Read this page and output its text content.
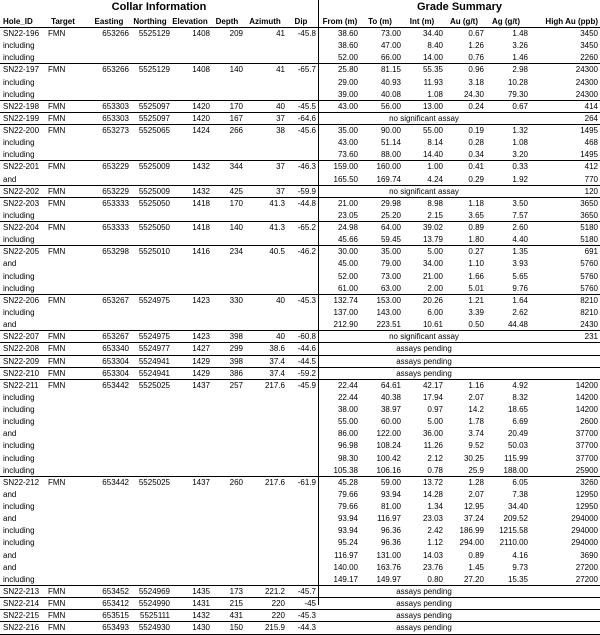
Collar Information	Grade Summary
Hole_ID	Target	Easting	Northing Elevation Depth	Azimuth	Dip	From (m)	To (m)	Int (m)	Au (g/t)	Ag (g/t)	High Au (ppb)
SN22-196	FMN	653266	5525129	1408	209	41	-45.8	38.60	73.00	34.40	0.67	1.48	3450
including	38.60	47.00	8.40	1.26	3.26	3450
including	52.00	66.00	14.00	0.76	1.46	2260
SN22-197	FMN	653266	5525129	1408	140	41	-65.7	25.80	81.15	55.35	0.96	2.98	24300
including	29.00	40.93	11.93	3.18	10.28	24300
including	39.00	40.08	1.08	24.30	79.30	24300
SN22-198	FMN	653303	5525097	1420	170	40	-45.5	43.00	56.00	13.00	0.24	0.67	414
SN22-199	FMN	653303	5525097	1420	167	37	-64.6	no significant assay	264
SN22-200	FMN	653273	5525065	1424	266	38	-45.6	35.00	90.00	55.00	0.19	1.32	1495
including	43.00	51.14	8.14	0.28	1.08	468
including	73.60	88.00	14.40	0.34	3.20	1495
SN22-201	FMN	653229	5525009	1432	344	37	-46.3	159.00	160.00	1.00	0.41	0.33	412
and	165.50	169.74	4.24	0.29	1.92	770
SN22-202	FMN	653229	5525009	1432	425	37	-59.9	no significant assay	120
SN22-203	FMN	653333	5525050	1418	170	41.3	-44.8	21.00	29.98	8.98	1.18	3.50	3650
including	23.05	25.20	2.15	3.65	7.57	3650
SN22-204	FMN	653333	5525050	1418	140	41.3	-65.2	24.98	64.00	39.02	0.89	2.60	5180
including	45.66	59.45	13.79	1.80	4.40	5180
SN22-205	FMN	653298	5525010	1416	234	40.5	-46.2	30.00	35.00	5.00	0.27	1.35	691
and	45.00	79.00	34.00	1.10	3.93	5760
including	52.00	73.00	21.00	1.66	5.65	5760
including	61.00	63.00	2.00	5.01	9.76	5760
SN22-206	FMN	653267	5524975	1423	330	40	-45.3	132.74	153.00	20.26	1.21	1.64	8210
including	137.00	143.00	6.00	3.39	2.62	8210
and	212.90	223.51	10.61	0.50	44.48	2430
SN22-207	FMN	653267	5524975	1423	398	40	-60.8	no significant assay	231
SN22-208	FMN	653340	5524977	1427	299	38.6	-44.6	assays pending
SN22-209	FMN	653304	5524941	1429	398	37.4	-44.5	assays pending
SN22-210	FMN	653304	5524941	1429	386	37.4	-59.2	assays pending
SN22-211	FMN	653442	5525025	1437	257	217.6	-45.9	22.44	64.61	42.17	1.16	4.92	14200
including	22.44	40.38	17.94	2.07	8.32	14200
including	38.00	38.97	0.97	14.2	18.65	14200
including	55.00	60.00	5.00	1.78	6.69	2600
and	86.00	122.00	36.00	3.74	20.49	37700
including	96.98	108.24	11.26	9.52	50.03	37700
including	98.30	100.42	2.12	30.25	115.99	37700
including	105.38	106.16	0.78	25.9	188.00	25900
SN22-212	FMN	653442	5525025	1437	260	217.6	-61.9	45.28	59.00	13.72	1.28	6.05	3260
and	79.66	93.94	14.28	2.07	7.38	12950
including	79.66	81.00	1.34	12.95	34.40	12950
and	93.94	116.97	23.03	37.24	209.52	294000
including	93.94	96.36	2.42	186.99	1215.58	294000
including	95.24	96.36	1.12	294.00	2110.00	294000
and	116.97	131.00	14.03	0.89	4.16	3690
and	140.00	163.76	23.76	1.45	9.73	27200
including	149.17	149.97	0.80	27.20	15.35	27200
SN22-213	FMN	653452	5524969	1435	173	221.2	-45.7	assays pending
SN22-214	FMN	653412	5524990	1431	215	220	-45	assays pending
SN22-215	FMN	653515	5525111	1432	431	220	-45.3	assays pending
SN22-216	FMN	653493	5524930	1430	150	215.9	-44.3	assays pending
